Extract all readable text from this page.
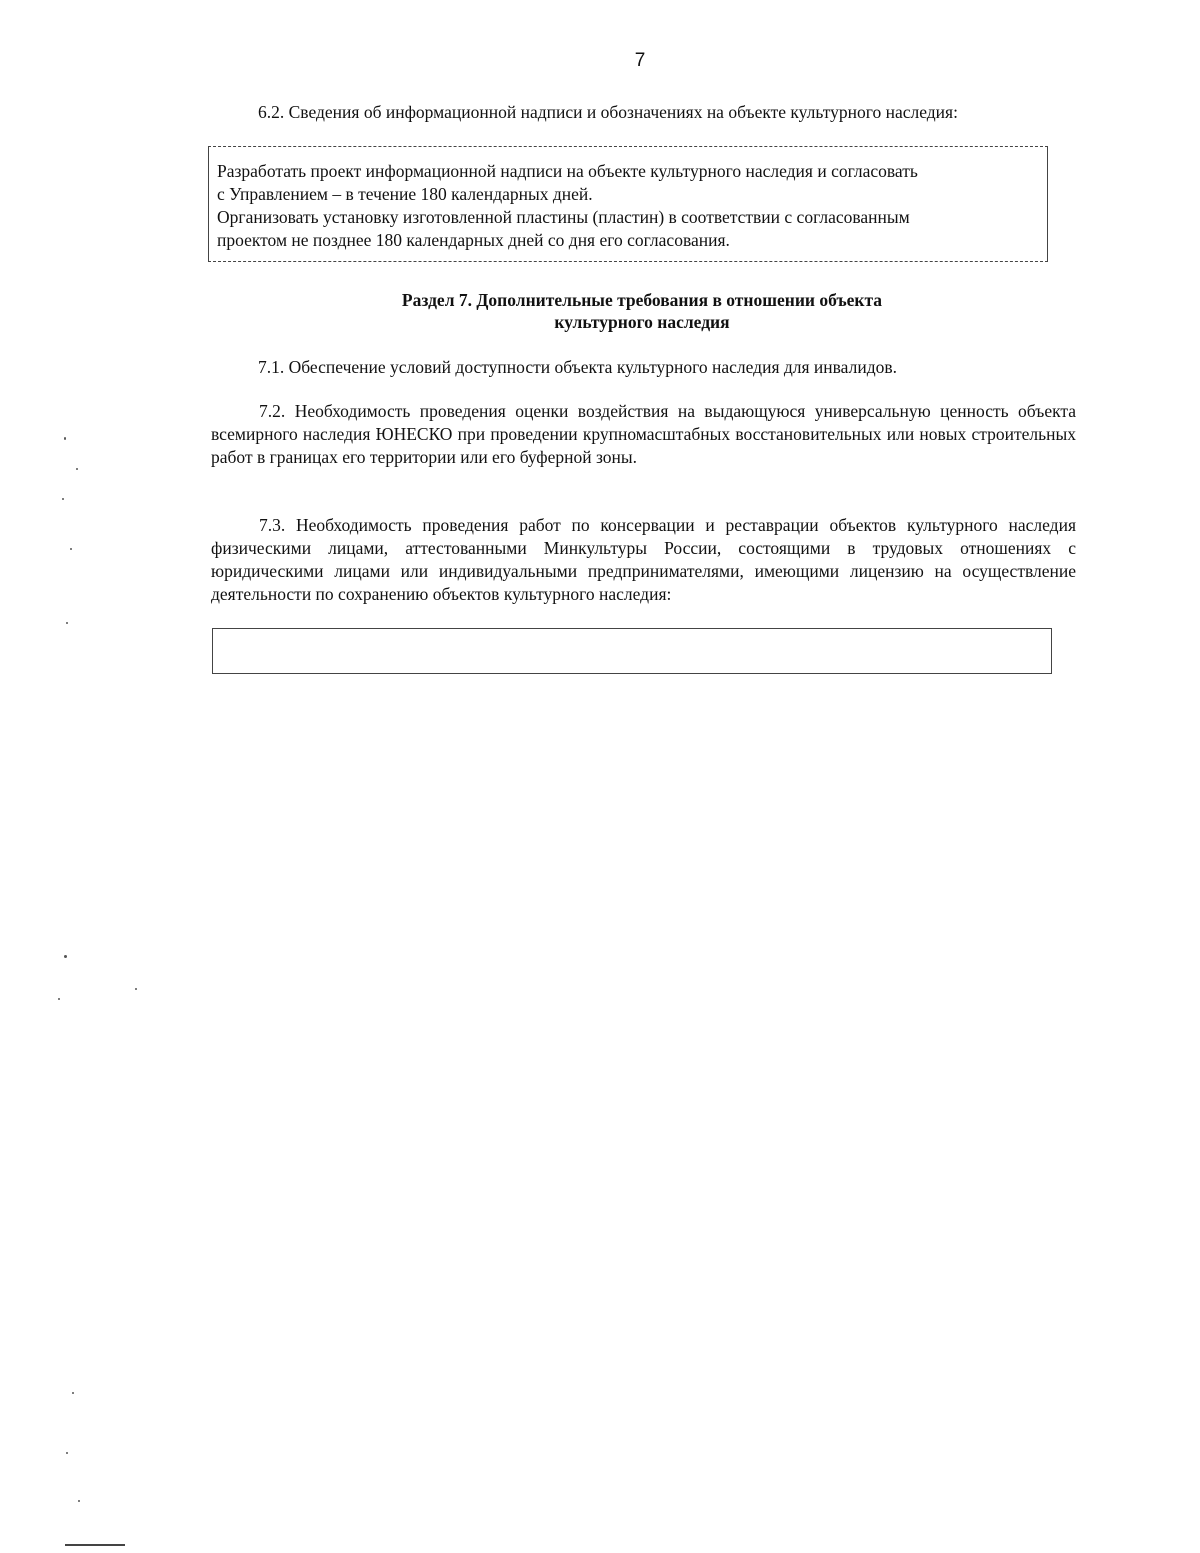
7
6.2. Сведения об информационной надписи и обозначениях на объекте культурного наследия:
Разработать проект информационной надписи на объекте культурного наследия и согласовать
с Управлением – в течение 180 календарных дней.
Организовать установку изготовленной пластины (пластин) в соответствии с согласованным
проектом не позднее 180 календарных дней со дня его согласования.
Раздел 7. Дополнительные требования в отношении объекта
культурного наследия
7.1. Обеспечение условий доступности объекта культурного наследия для инвалидов.
7.2. Необходимость проведения оценки воздействия на выдающуюся универсальную ценность объекта всемирного наследия ЮНЕСКО при проведении крупномасштабных восстановительных или новых строительных работ в границах его территории или его буферной зоны.
7.3. Необходимость проведения работ по консервации и реставрации объектов культурного наследия физическими лицами, аттестованными Минкультуры России, состоящими в трудовых отношениях с юридическими лицами или индивидуальными предпринимателями, имеющими лицензию на осуществление деятельности по сохранению объектов культурного наследия:
